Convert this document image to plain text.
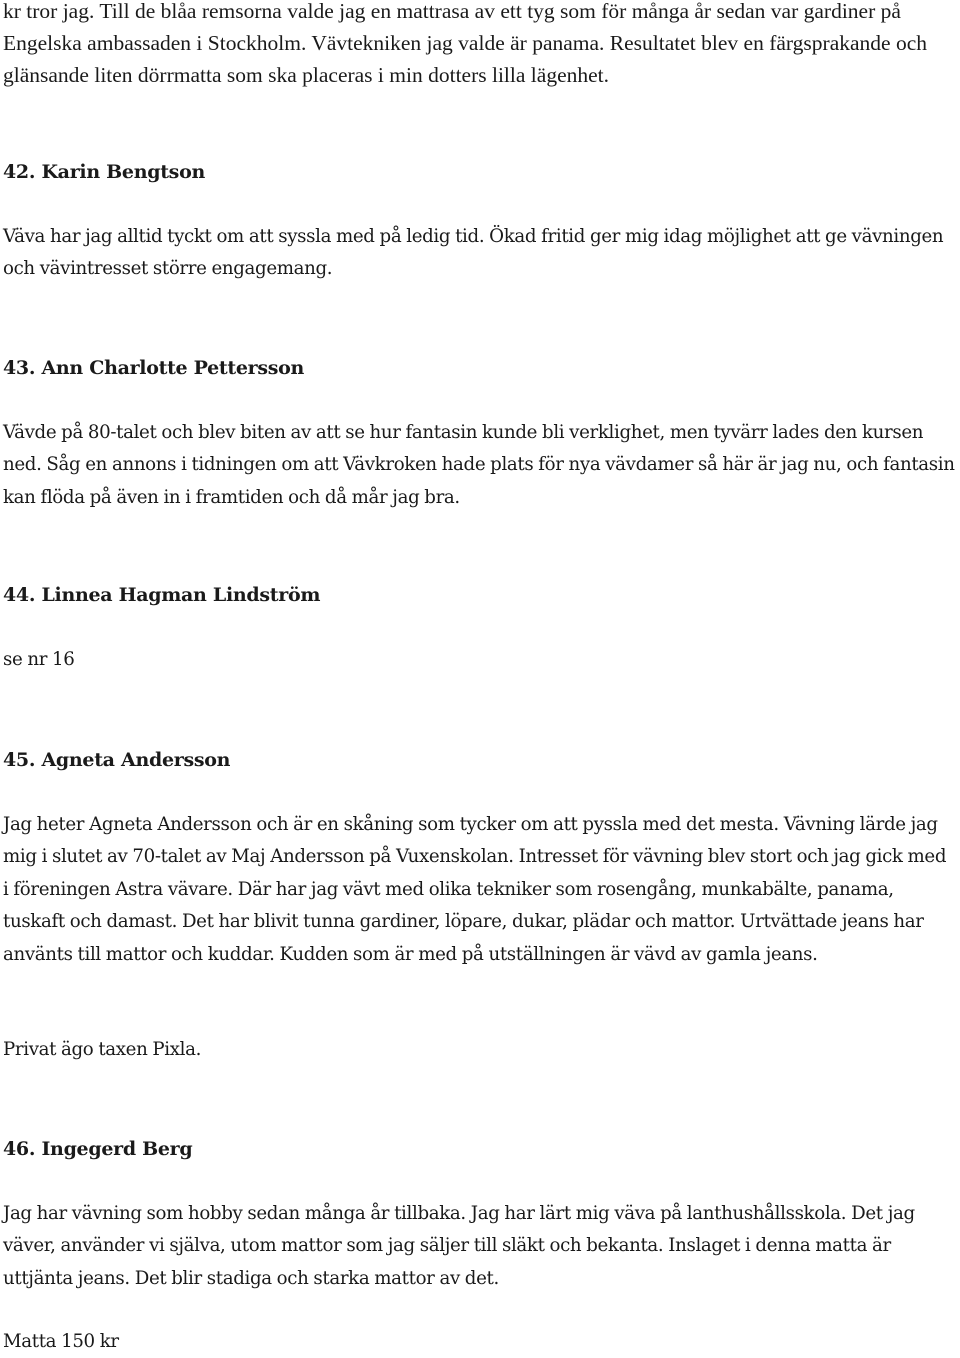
kr tror jag. Till de blåa remsorna valde jag en mattrasa av ett tyg som för många år sedan var gardiner på Engelska ambassaden i Stockholm. Vävtekniken jag valde är panama. Resultatet blev en färgsprakande och glänsande liten dörrmatta som ska placeras i min dotters lilla lägenhet.

42. Karin Bengtson

Väva har jag alltid tyckt om att syssla med på ledig tid. Ökad fritid ger mig idag möjlighet att ge vävningen och vävintresset större engagemang.

43. Ann Charlotte Pettersson

Vävde på 80-talet och blev biten av att se hur fantasin kunde bli verklighet, men tyvärr lades den kursen ned. Såg en annons i tidningen om att Vävkroken hade plats för nya vävdamer så här är jag nu, och fantasin kan flöda på även in i framtiden och då mår jag bra.

44. Linnea Hagman Lindström

se nr 16

45. Agneta Andersson

Jag heter Agneta Andersson och är en skåning som tycker om att pyssla med det mesta. Vävning lärde jag mig i slutet av 70-talet av Maj Andersson på Vuxenskolan. Intresset för vävning blev stort och jag gick med i föreningen Astra vävare. Där har jag vävt med olika tekniker som rosengång, munkabälte, panama, tuskaft och damast. Det har blivit tunna gardiner, löpare, dukar, plädar och mattor. Urtvättade jeans har använts till mattor och kuddar. Kudden som är med på utställningen är vävd av gamla jeans.

Privat ägo taxen Pixla.

46. Ingegerd Berg

Jag har vävning som hobby sedan många år tillbaka. Jag har lärt mig väva på lanthushållsskola. Det jag väver, använder vi själva, utom mattor som jag säljer till släkt och bekanta. Inslaget i denna matta är uttjänta jeans. Det blir stadiga och starka mattor av det.

Matta 150 kr
